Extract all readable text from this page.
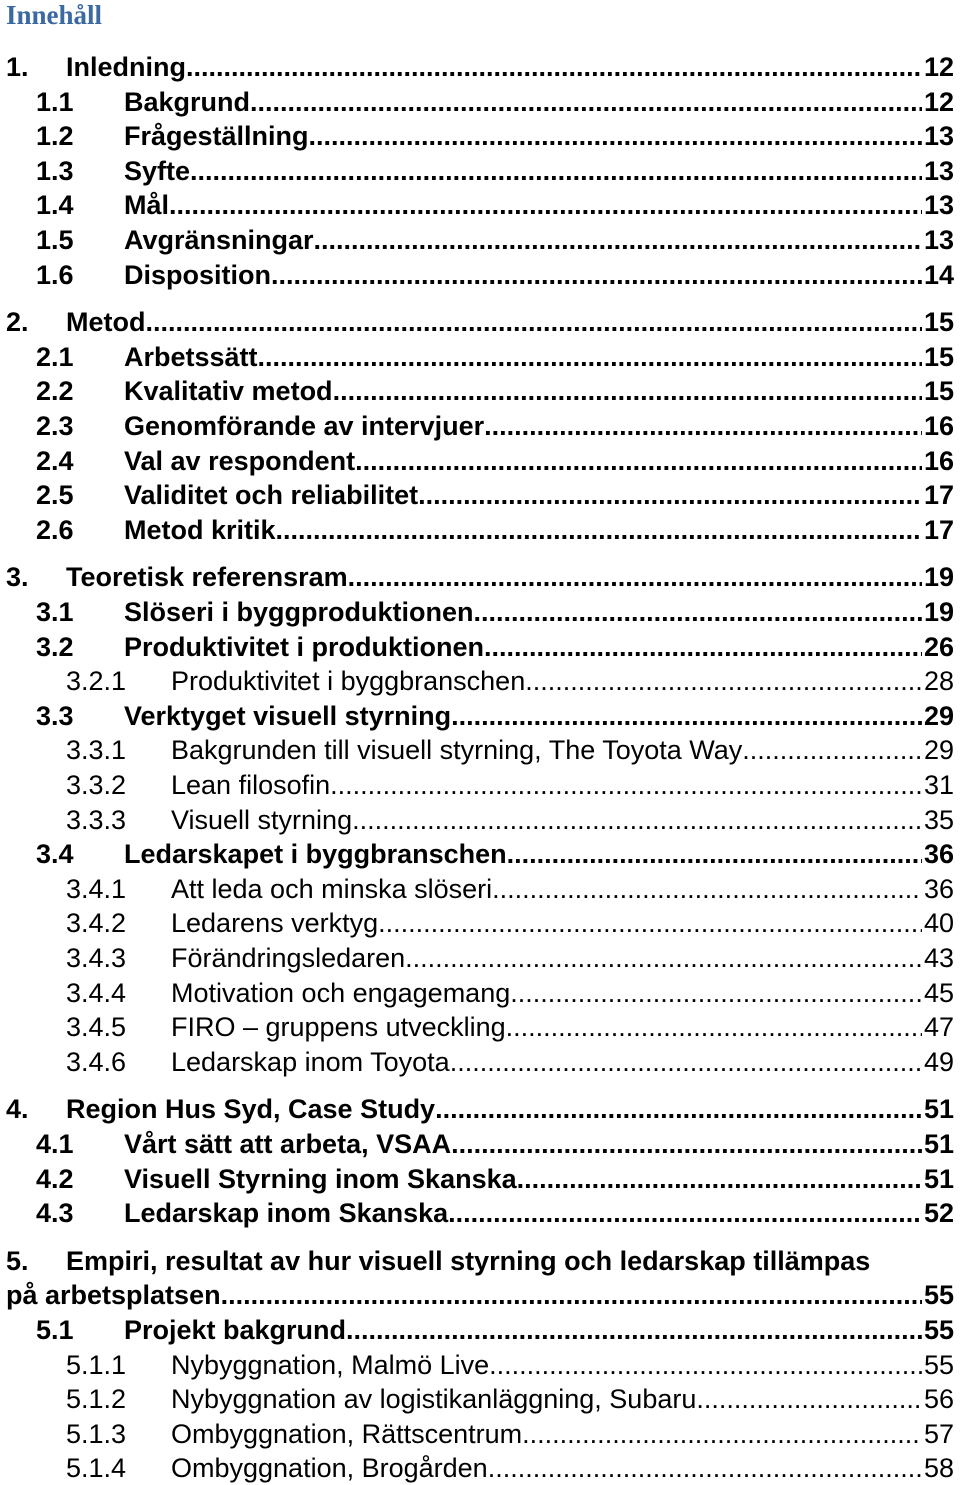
Innehåll
1. Inledning .....	12
1.1 Bakgrund .....	12
1.2 Frågeställning .....	13
1.3 Syfte .....	13
1.4 Mål .....	13
1.5 Avgränsningar .....	13
1.6 Disposition .....	14
2. Metod .....	15
2.1 Arbetssätt .....	15
2.2 Kvalitativ metod .....	15
2.3 Genomförande av intervjuer .....	16
2.4 Val av respondent .....	16
2.5 Validitet och reliabilitet .....	17
2.6 Metod kritik .....	17
3. Teoretisk referensram .....	19
3.1 Slöseri i byggproduktionen .....	19
3.2 Produktivitet i produktionen .....	26
3.2.1 Produktivitet i byggbranschen .....	28
3.3 Verktyget visuell styrning .....	29
3.3.1 Bakgrunden till visuell styrning, The Toyota Way .....	29
3.3.2 Lean filosofin .....	31
3.3.3 Visuell styrning .....	35
3.4 Ledarskapet i byggbranschen .....	36
3.4.1 Att leda och minska slöseri .....	36
3.4.2 Ledarens verktyg .....	40
3.4.3 Förändringsledaren .....	43
3.4.4 Motivation och engagemang .....	45
3.4.5 FIRO – gruppens utveckling .....	47
3.4.6 Ledarskap inom Toyota .....	49
4. Region Hus Syd, Case Study .....	51
4.1 Vårt sätt att arbeta, VSAA .....	51
4.2 Visuell Styrning inom Skanska .....	51
4.3 Ledarskap inom Skanska .....	52
5. Empiri, resultat av hur visuell styrning och ledarskap tillämpas
på arbetsplatsen .....	55
5.1 Projekt bakgrund .....	55
5.1.1 Nybyggnation, Malmö Live .....	55
5.1.2 Nybyggnation av logistikanläggning, Subaru .....	56
5.1.3 Ombyggnation, Rättscentrum .....	57
5.1.4 Ombyggnation, Brogården .....	58
